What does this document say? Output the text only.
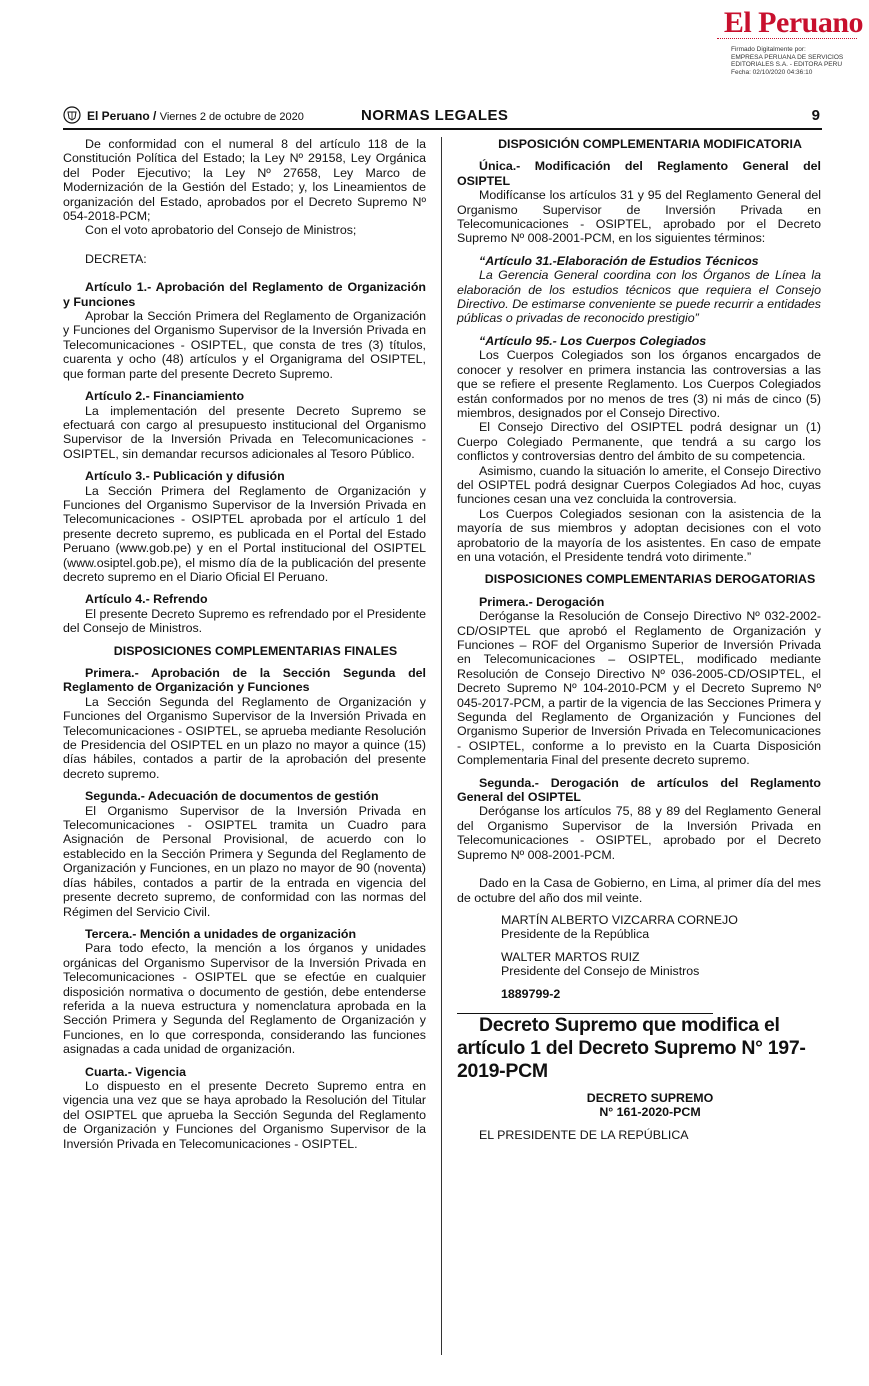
El Peruano
Firmado Digitalmente por:
EMPRESA PERUANA DE SERVICIOS
EDITORIALES S.A. - EDITORA PERU
Fecha: 02/10/2020 04:36:10
El Peruano / Viernes 2 de octubre de 2020	NORMAS LEGALES	9

De conformidad con el numeral 8 del artículo 118 de la Constitución Política del Estado; la Ley Nº 29158, Ley Orgánica del Poder Ejecutivo; la Ley Nº 27658, Ley Marco de Modernización de la Gestión del Estado; y, los Lineamientos de organización del Estado, aprobados por el Decreto Supremo Nº 054-2018-PCM;

Con el voto aprobatorio del Consejo de Ministros;

DECRETA:

Artículo 1.- Aprobación del Reglamento de Organización y Funciones

Aprobar la Sección Primera del Reglamento de Organización y Funciones del Organismo Supervisor de la Inversión Privada en Telecomunicaciones - OSIPTEL, que consta de tres (3) títulos, cuarenta y ocho (48) artículos y el Organigrama del OSIPTEL, que forman parte del presente Decreto Supremo.

Artículo 2.- Financiamiento

La implementación del presente Decreto Supremo se efectuará con cargo al presupuesto institucional del Organismo Supervisor de la Inversión Privada en Telecomunicaciones - OSIPTEL, sin demandar recursos adicionales al Tesoro Público.

Artículo 3.- Publicación y difusión

La Sección Primera del Reglamento de Organización y Funciones del Organismo Supervisor de la Inversión Privada en Telecomunicaciones - OSIPTEL aprobada por el artículo 1 del presente decreto supremo, es publicada en el Portal del Estado Peruano (www.gob.pe) y en el Portal institucional del OSIPTEL (www.osiptel.gob.pe), el mismo día de la publicación del presente decreto supremo en el Diario Oficial El Peruano.

Artículo 4.- Refrendo

El presente Decreto Supremo es refrendado por el Presidente del Consejo de Ministros.

DISPOSICIONES COMPLEMENTARIAS FINALES

Primera.- Aprobación de la Sección Segunda del Reglamento de Organización y Funciones

La Sección Segunda del Reglamento de Organización y Funciones del Organismo Supervisor de la Inversión Privada en Telecomunicaciones - OSIPTEL, se aprueba mediante Resolución de Presidencia del OSIPTEL en un plazo no mayor a quince (15) días hábiles, contados a partir de la aprobación del presente decreto supremo.

Segunda.- Adecuación de documentos de gestión

El Organismo Supervisor de la Inversión Privada en Telecomunicaciones - OSIPTEL tramita un Cuadro para Asignación de Personal Provisional, de acuerdo con lo establecido en la Sección Primera y Segunda del Reglamento de Organización y Funciones, en un plazo no mayor de 90 (noventa) días hábiles, contados a partir de la entrada en vigencia del presente decreto supremo, de conformidad con las normas del Régimen del Servicio Civil.

Tercera.- Mención a unidades de organización

Para todo efecto, la mención a los órganos y unidades orgánicas del Organismo Supervisor de la Inversión Privada en Telecomunicaciones - OSIPTEL que se efectúe en cualquier disposición normativa o documento de gestión, debe entenderse referida a la nueva estructura y nomenclatura aprobada en la Sección Primera y Segunda del Reglamento de Organización y Funciones, en lo que corresponda, considerando las funciones asignadas a cada unidad de organización.

Cuarta.- Vigencia

Lo dispuesto en el presente Decreto Supremo entra en vigencia una vez que se haya aprobado la Resolución del Titular del OSIPTEL que aprueba la Sección Segunda del Reglamento de Organización y Funciones del Organismo Supervisor de la Inversión Privada en Telecomunicaciones - OSIPTEL.

DISPOSICIÓN COMPLEMENTARIA MODIFICATORIA

Única.- Modificación del Reglamento General del OSIPTEL

Modifícanse los artículos 31 y 95 del Reglamento General del Organismo Supervisor de Inversión Privada en Telecomunicaciones - OSIPTEL, aprobado por el Decreto Supremo Nº 008-2001-PCM, en los siguientes términos:

“Artículo 31.-Elaboración de Estudios Técnicos

La Gerencia General coordina con los Órganos de Línea la elaboración de los estudios técnicos que requiera el Consejo Directivo. De estimarse conveniente se puede recurrir a entidades públicas o privadas de reconocido prestigio”

“Artículo 95.- Los Cuerpos Colegiados

Los Cuerpos Colegiados son los órganos encargados de conocer y resolver en primera instancia las controversias a las que se refiere el presente Reglamento. Los Cuerpos Colegiados están conformados por no menos de tres (3) ni más de cinco (5) miembros, designados por el Consejo Directivo.

El Consejo Directivo del OSIPTEL podrá designar un (1) Cuerpo Colegiado Permanente, que tendrá a su cargo los conflictos y controversias dentro del ámbito de su competencia.

Asimismo, cuando la situación lo amerite, el Consejo Directivo del OSIPTEL podrá designar Cuerpos Colegiados Ad hoc, cuyas funciones cesan una vez concluida la controversia.

Los Cuerpos Colegiados sesionan con la asistencia de la mayoría de sus miembros y adoptan decisiones con el voto aprobatorio de la mayoría de los asistentes. En caso de empate en una votación, el Presidente tendrá voto dirimente.”

DISPOSICIONES COMPLEMENTARIAS DEROGATORIAS

Primera.- Derogación

Deróganse la Resolución de Consejo Directivo Nº 032-2002-CD/OSIPTEL que aprobó el Reglamento de Organización y Funciones – ROF del Organismo Superior de Inversión Privada en Telecomunicaciones – OSIPTEL, modificado mediante Resolución de Consejo Directivo Nº 036-2005-CD/OSIPTEL, el Decreto Supremo Nº 104-2010-PCM y el Decreto Supremo Nº 045-2017-PCM, a partir de la vigencia de las Secciones Primera y Segunda del Reglamento de Organización y Funciones del Organismo Superior de Inversión Privada en Telecomunicaciones - OSIPTEL, conforme a lo previsto en la Cuarta Disposición Complementaria Final del presente decreto supremo.

Segunda.- Derogación de artículos del Reglamento General del OSIPTEL

Deróganse los artículos 75, 88 y 89 del Reglamento General del Organismo Supervisor de la Inversión Privada en Telecomunicaciones - OSIPTEL, aprobado por el Decreto Supremo Nº 008-2001-PCM.

Dado en la Casa de Gobierno, en Lima, al primer día del mes de octubre del año dos mil veinte.

MARTÍN ALBERTO VIZCARRA CORNEJO

Presidente de la República

WALTER MARTOS RUIZ

Presidente del Consejo de Ministros

1889799-2

Decreto Supremo que modifica el artículo 1 del Decreto Supremo N° 197-2019-PCM

DECRETO SUPREMO

N° 161-2020-PCM

EL PRESIDENTE DE LA REPÚBLICA
